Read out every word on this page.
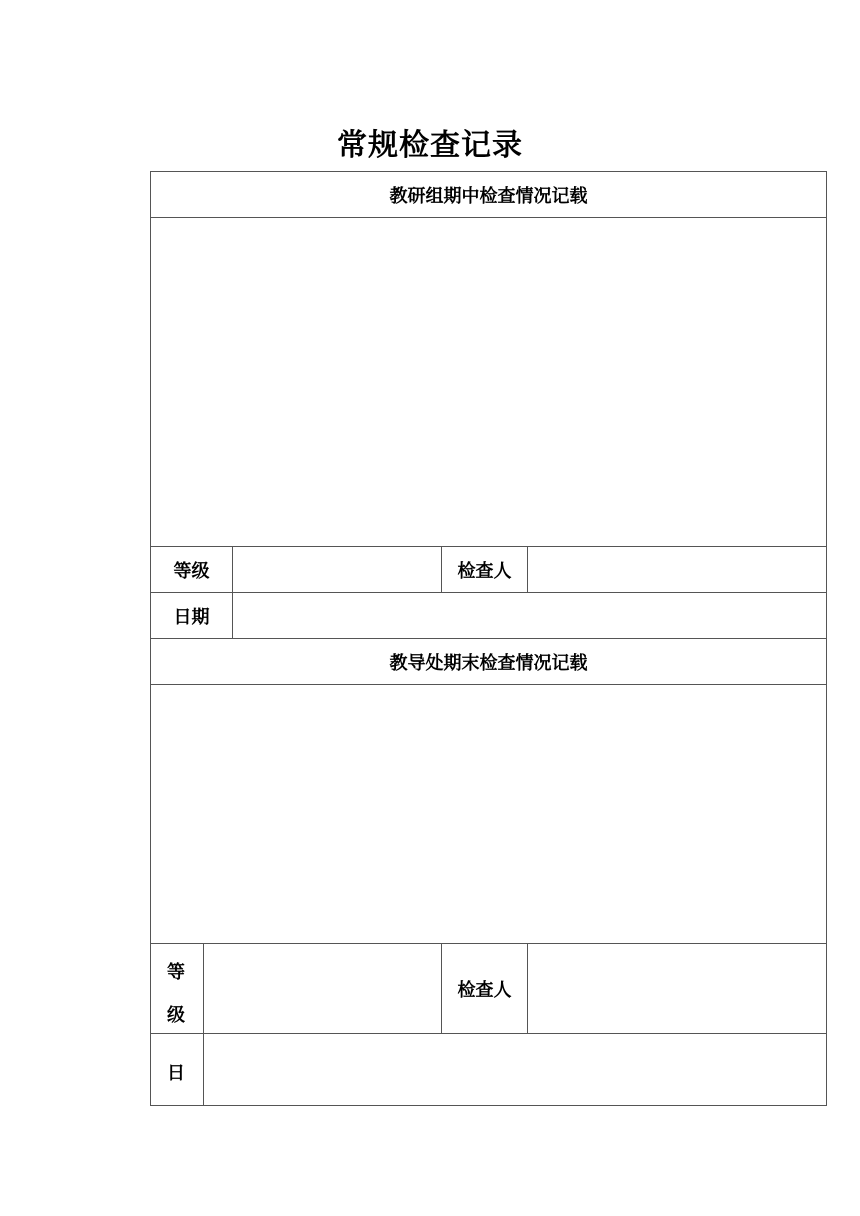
常规检查记录
教研组期中检查情况记载
等级	检查人
日期
教导处期末检查情况记载
等
级
检查人
日
